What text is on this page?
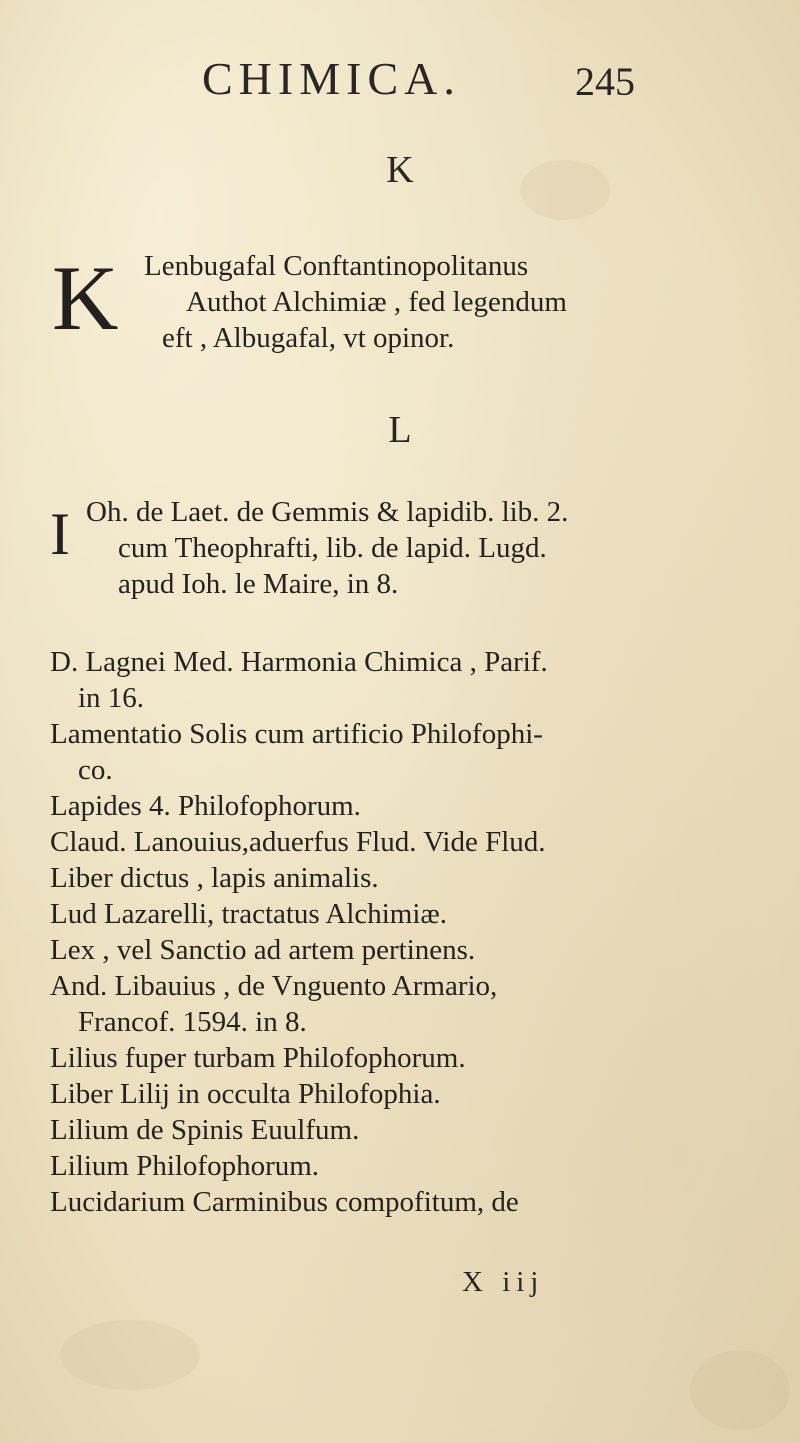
CHIMICA.	245
K
K Lenbugafal Conftantinopolitanus
Authot Alchimiæ , fed legendum
eft , Albugafal, vt opinor.
L
I Oh. de Laet. de Gemmis & lapidib. lib. 2.
cum Theophrafti, lib. de lapid. Lugd.
apud Ioh. le Maire, in 8.
D. Lagnei Med. Harmonia Chimica , Parif.
in 16.
Lamentatio Solis cum artificio Philofophi-
co.
Lapides 4. Philofophorum.
Claud. Lanouius,aduerfus Flud. Vide Flud.
Liber dictus , lapis animalis.
Lud Lazarelli, tractatus Alchimiæ.
Lex , vel Sanctio ad artem pertinens.
And. Libauius , de Vnguento Armario,
Francof. 1594. in 8.
Lilius fuper turbam Philofophorum.
Liber Lilij in occulta Philofophia.
Lilium de Spinis Euulfum.
Lilium Philofophorum.
Lucidarium Carminibus compofitum, de
X iij
